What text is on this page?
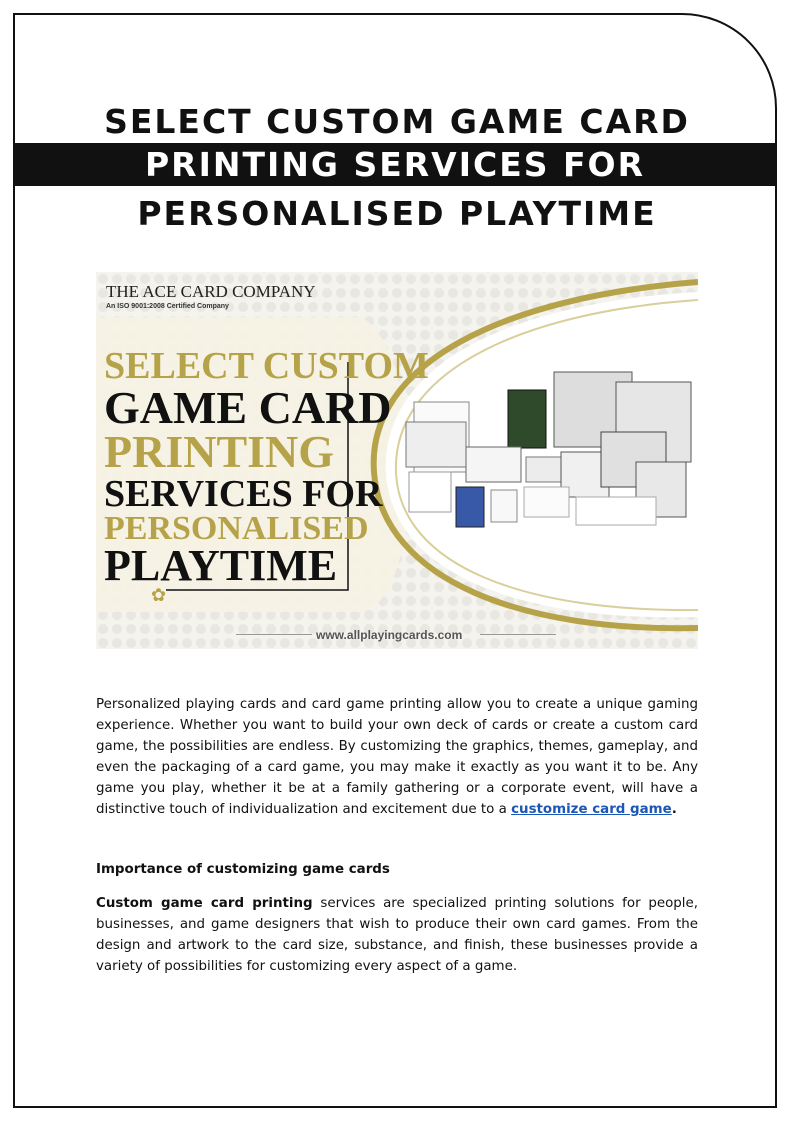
SELECT CUSTOM GAME CARD
PRINTING SERVICES FOR
PERSONALISED PLAYTIME
THE ACE CARD COMPANY
An ISO 9001:2008 Certified Company
SELECT CUSTOM
GAME CARD
PRINTING
SERVICES FOR
PERSONALISED
PLAYTIME
✿
www.allplayingcards.com
Personalized playing cards and card game printing allow you to create a unique gaming experience. Whether you want to build your own deck of cards or create a custom card game, the possibilities are endless. By customizing the graphics, themes, gameplay, and even the packaging of a card game, you may make it exactly as you want it to be. Any game you play, whether it be at a family gathering or a corporate event, will have a distinctive touch of individualization and excitement due to a customize card game.
Importance of customizing game cards
Custom game card printing services are specialized printing solutions for people, businesses, and game designers that wish to produce their own card games. From the design and artwork to the card size, substance, and finish, these businesses provide a variety of possibilities for customizing every aspect of a game.
